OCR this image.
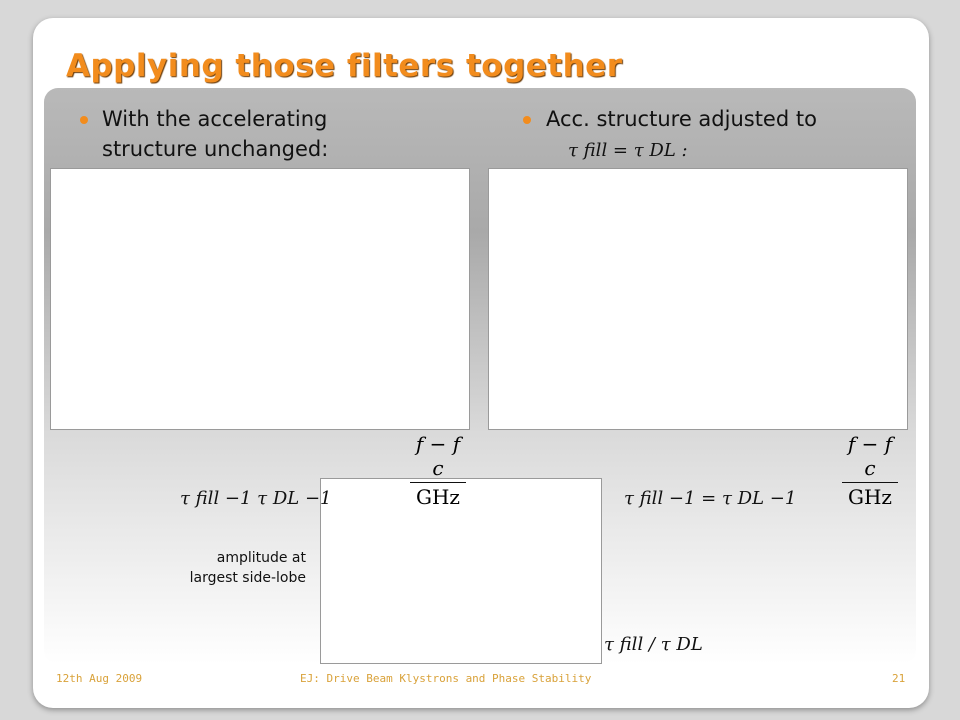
Applying those filters together
With the accelerating
structure unchanged:
Acc. structure adjusted to
τ fill = τ DL :
f − f c
GHz
f − f c
GHz
τ fill −1 τ DL −1	τ fill −1 = τ DL −1
τ fill / τ DL
amplitude at
largest side-lobe
12th Aug 2009	EJ: Drive Beam Klystrons and Phase Stability	21
